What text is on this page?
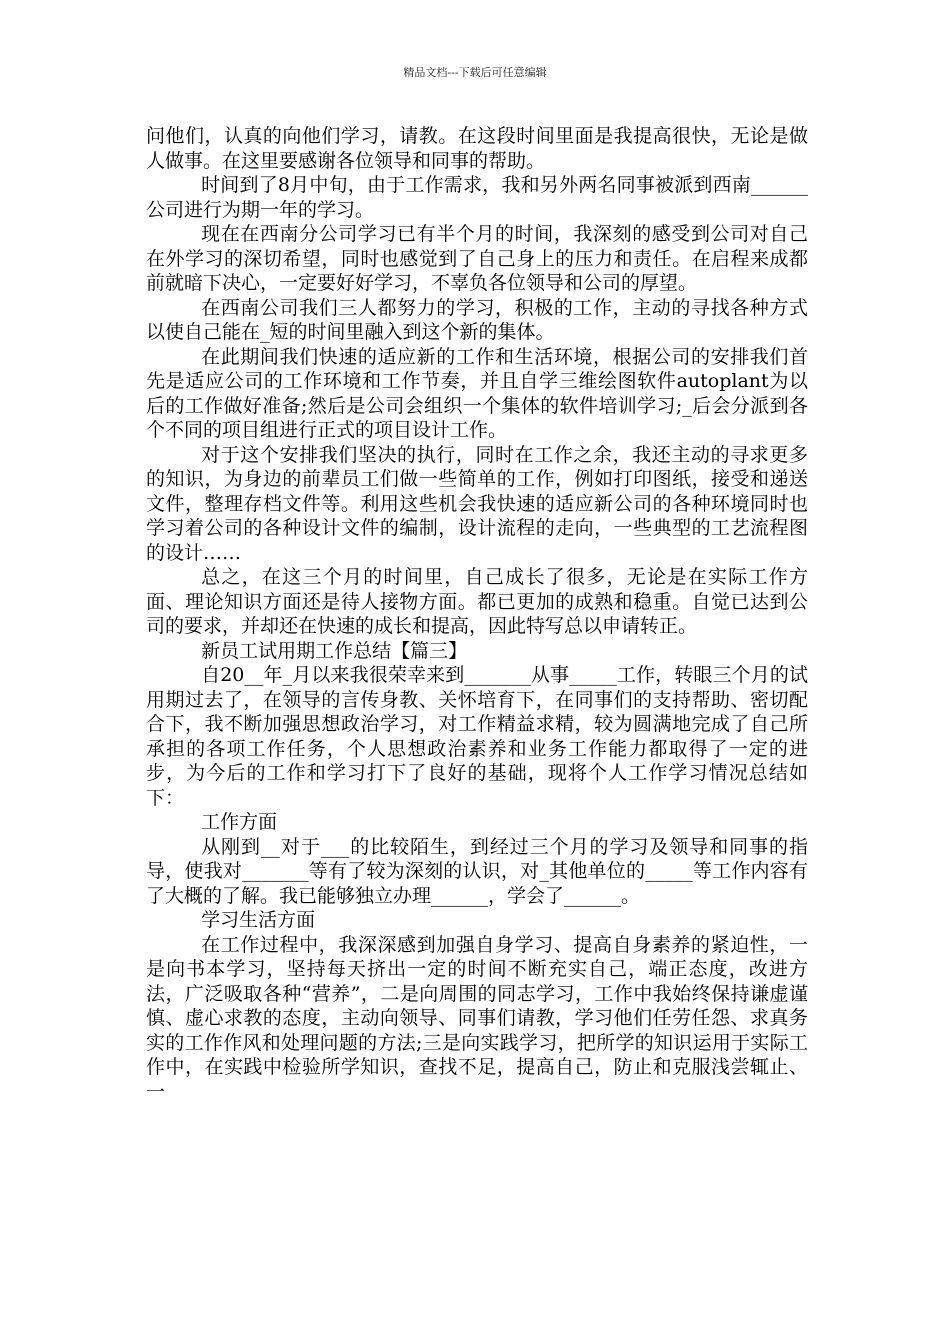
精品文档---下载后可任意编辑

问他们，认真的向他们学习，请教。在这段时间里面是我提高很快，无论是做人做事。在这里要感谢各位领导和同事的帮助。

时间到了8月中旬，由于工作需求，我和另外两名同事被派到西南______公司进行为期一年的学习。

现在在西南分公司学习已有半个月的时间，我深刻的感受到公司对自己在外学习的深切希望，同时也感觉到了自己身上的压力和责任。在启程来成都前就暗下决心，一定要好好学习，不辜负各位领导和公司的厚望。

在西南公司我们三人都努力的学习，积极的工作，主动的寻找各种方式以使自己能在_短的时间里融入到这个新的集体。

在此期间我们快速的适应新的工作和生活环境，根据公司的安排我们首先是适应公司的工作环境和工作节奏，并且自学三维绘图软件autoplant为以后的工作做好准备;然后是公司会组织一个集体的软件培训学习;_后会分派到各个不同的项目组进行正式的项目设计工作。

对于这个安排我们坚决的执行，同时在工作之余，我还主动的寻求更多的知识，为身边的前辈员工们做一些简单的工作，例如打印图纸，接受和递送文件，整理存档文件等。利用这些机会我快速的适应新公司的各种环境同时也学习着公司的各种设计文件的编制，设计流程的走向，一些典型的工艺流程图的设计……

总之，在这三个月的时间里，自己成长了很多，无论是在实际工作方面、理论知识方面还是待人接物方面。都已更加的成熟和稳重。自觉已达到公司的要求，并却还在快速的成长和提高，因此特写总以申请转正。

新员工试用期工作总结【篇三】

自20__年_月以来我很荣幸来到_______从事_____工作，转眼三个月的试用期过去了，在领导的言传身教、关怀培育下，在同事们的支持帮助、密切配合下，我不断加强思想政治学习，对工作精益求精，较为圆满地完成了自己所承担的各项工作任务，个人思想政治素养和业务工作能力都取得了一定的进步，为今后的工作和学习打下了良好的基础，现将个人工作学习情况总结如下：

工作方面

从刚到__对于___的比较陌生，到经过三个月的学习及领导和同事的指导，使我对_______等有了较为深刻的认识，对_其他单位的_____等工作内容有了大概的了解。我已能够独立办理______，学会了______。

学习生活方面

在工作过程中，我深深感到加强自身学习、提高自身素养的紧迫性，一是向书本学习，坚持每天挤出一定的时间不断充实自己，端正态度，改进方法，广泛吸取各种“营养”，二是向周围的同志学习，工作中我始终保持谦虚谨慎、虚心求教的态度，主动向领导、同事们请教，学习他们任劳任怨、求真务实的工作作风和处理问题的方法;三是向实践学习，把所学的知识运用于实际工作中，在实践中检验所学知识，查找不足，提高自己，防止和克服浅尝辄止、一
